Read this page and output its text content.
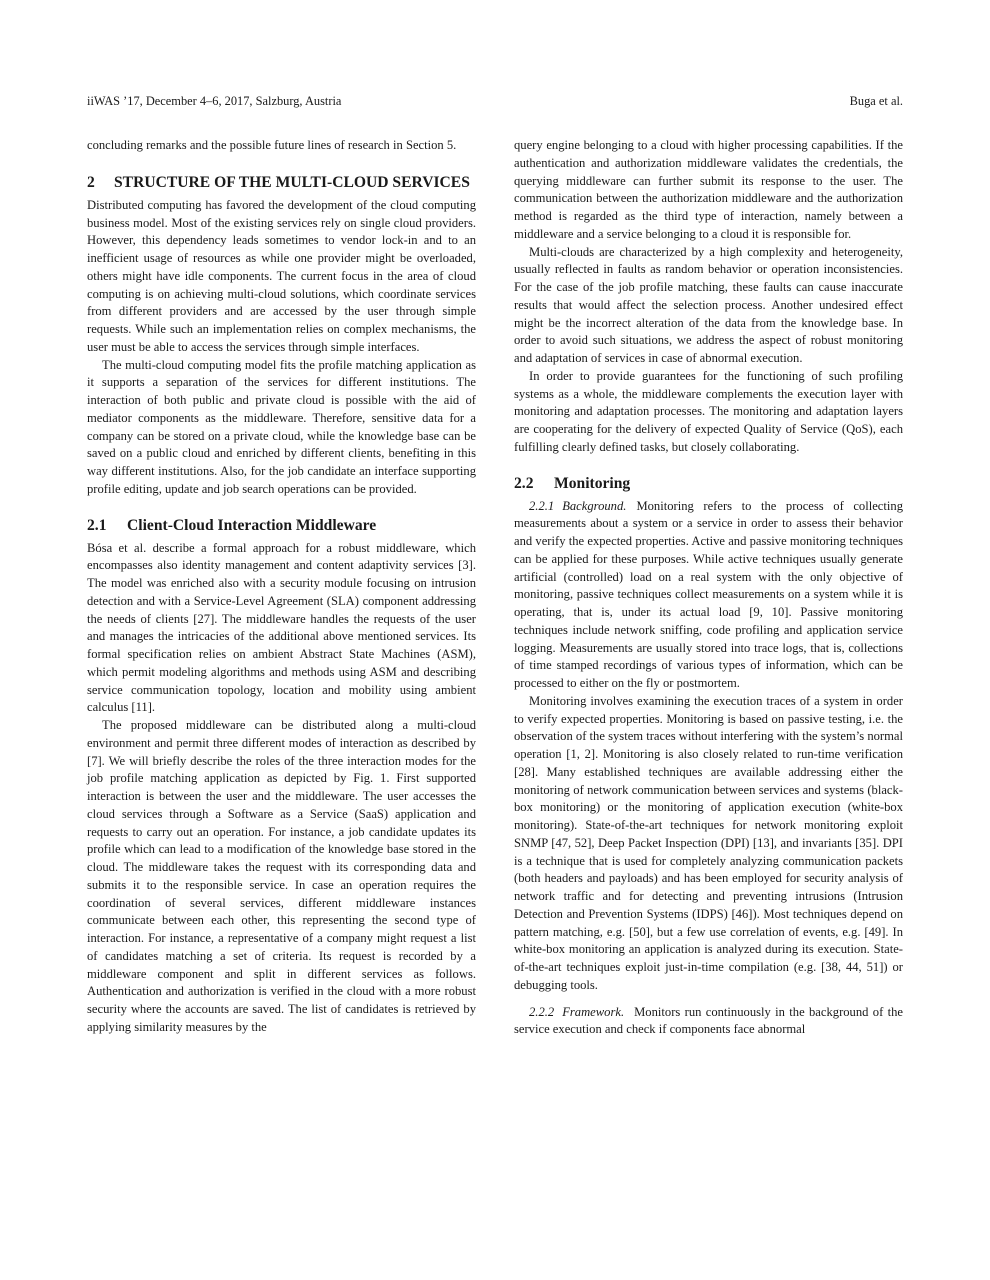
iiWAS ’17, December 4–6, 2017, Salzburg, Austria	Buga et al.

concluding remarks and the possible future lines of research in Section 5.

2	STRUCTURE OF THE MULTI-CLOUD SERVICES

Distributed computing has favored the development of the cloud computing business model. Most of the existing services rely on single cloud providers. However, this dependency leads sometimes to vendor lock-in and to an inefficient usage of resources as while one provider might be overloaded, others might have idle components. The current focus in the area of cloud computing is on achieving multi-cloud solutions, which coordinate services from different providers and are accessed by the user through simple requests. While such an implementation relies on complex mechanisms, the user must be able to access the services through simple interfaces.

The multi-cloud computing model fits the profile matching application as it supports a separation of the services for different institutions. The interaction of both public and private cloud is possible with the aid of mediator components as the middleware. Therefore, sensitive data for a company can be stored on a private cloud, while the knowledge base can be saved on a public cloud and enriched by different clients, benefiting in this way different institutions. Also, for the job candidate an interface supporting profile editing, update and job search operations can be provided.

2.1	Client-Cloud Interaction Middleware

Bósa et al. describe a formal approach for a robust middleware, which encompasses also identity management and content adaptivity services [3]. The model was enriched also with a security module focusing on intrusion detection and with a Service-Level Agreement (SLA) component addressing the needs of clients [27]. The middleware handles the requests of the user and manages the intricacies of the additional above mentioned services. Its formal specification relies on ambient Abstract State Machines (ASM), which permit modeling algorithms and methods using ASM and describing service communication topology, location and mobility using ambient calculus [11].

The proposed middleware can be distributed along a multi-cloud environment and permit three different modes of interaction as described by [7]. We will briefly describe the roles of the three interaction modes for the job profile matching application as depicted by Fig. 1. First supported interaction is between the user and the middleware. The user accesses the cloud services through a Software as a Service (SaaS) application and requests to carry out an operation. For instance, a job candidate updates its profile which can lead to a modification of the knowledge base stored in the cloud. The middleware takes the request with its corresponding data and submits it to the responsible service. In case an operation requires the coordination of several services, different middleware instances communicate between each other, this representing the second type of interaction. For instance, a representative of a company might request a list of candidates matching a set of criteria. Its request is recorded by a middleware component and split in different services as follows. Authentication and authorization is verified in the cloud with a more robust security where the accounts are saved. The list of candidates is retrieved by applying similarity measures by the

query engine belonging to a cloud with higher processing capabilities. If the authentication and authorization middleware validates the credentials, the querying middleware can further submit its response to the user. The communication between the authorization middleware and the authorization method is regarded as the third type of interaction, namely between a middleware and a service belonging to a cloud it is responsible for.

Multi-clouds are characterized by a high complexity and heterogeneity, usually reflected in faults as random behavior or operation inconsistencies. For the case of the job profile matching, these faults can cause inaccurate results that would affect the selection process. Another undesired effect might be the incorrect alteration of the data from the knowledge base. In order to avoid such situations, we address the aspect of robust monitoring and adaptation of services in case of abnormal execution.

In order to provide guarantees for the functioning of such profiling systems as a whole, the middleware complements the execution layer with monitoring and adaptation processes. The monitoring and adaptation layers are cooperating for the delivery of expected Quality of Service (QoS), each fulfilling clearly defined tasks, but closely collaborating.

2.2	Monitoring

2.2.1 Background. Monitoring refers to the process of collecting measurements about a system or a service in order to assess their behavior and verify the expected properties. Active and passive monitoring techniques can be applied for these purposes. While active techniques usually generate artificial (controlled) load on a real system with the only objective of monitoring, passive techniques collect measurements on a system while it is operating, that is, under its actual load [9, 10]. Passive monitoring techniques include network sniffing, code profiling and application service logging. Measurements are usually stored into trace logs, that is, collections of time stamped recordings of various types of information, which can be processed to either on the fly or postmortem.

Monitoring involves examining the execution traces of a system in order to verify expected properties. Monitoring is based on passive testing, i.e. the observation of the system traces without interfering with the system’s normal operation [1, 2]. Monitoring is also closely related to run-time verification [28]. Many established techniques are available addressing either the monitoring of network communication between services and systems (black-box monitoring) or the monitoring of application execution (white-box monitoring). State-of-the-art techniques for network monitoring exploit SNMP [47, 52], Deep Packet Inspection (DPI) [13], and invariants [35]. DPI is a technique that is used for completely analyzing communication packets (both headers and payloads) and has been employed for security analysis of network traffic and for detecting and preventing intrusions (Intrusion Detection and Prevention Systems (IDPS) [46]). Most techniques depend on pattern matching, e.g. [50], but a few use correlation of events, e.g. [49]. In white-box monitoring an application is analyzed during its execution. State-of-the-art techniques exploit just-in-time compilation (e.g. [38, 44, 51]) or debugging tools.

2.2.2 Framework. Monitors run continuously in the background of the service execution and check if components face abnormal
